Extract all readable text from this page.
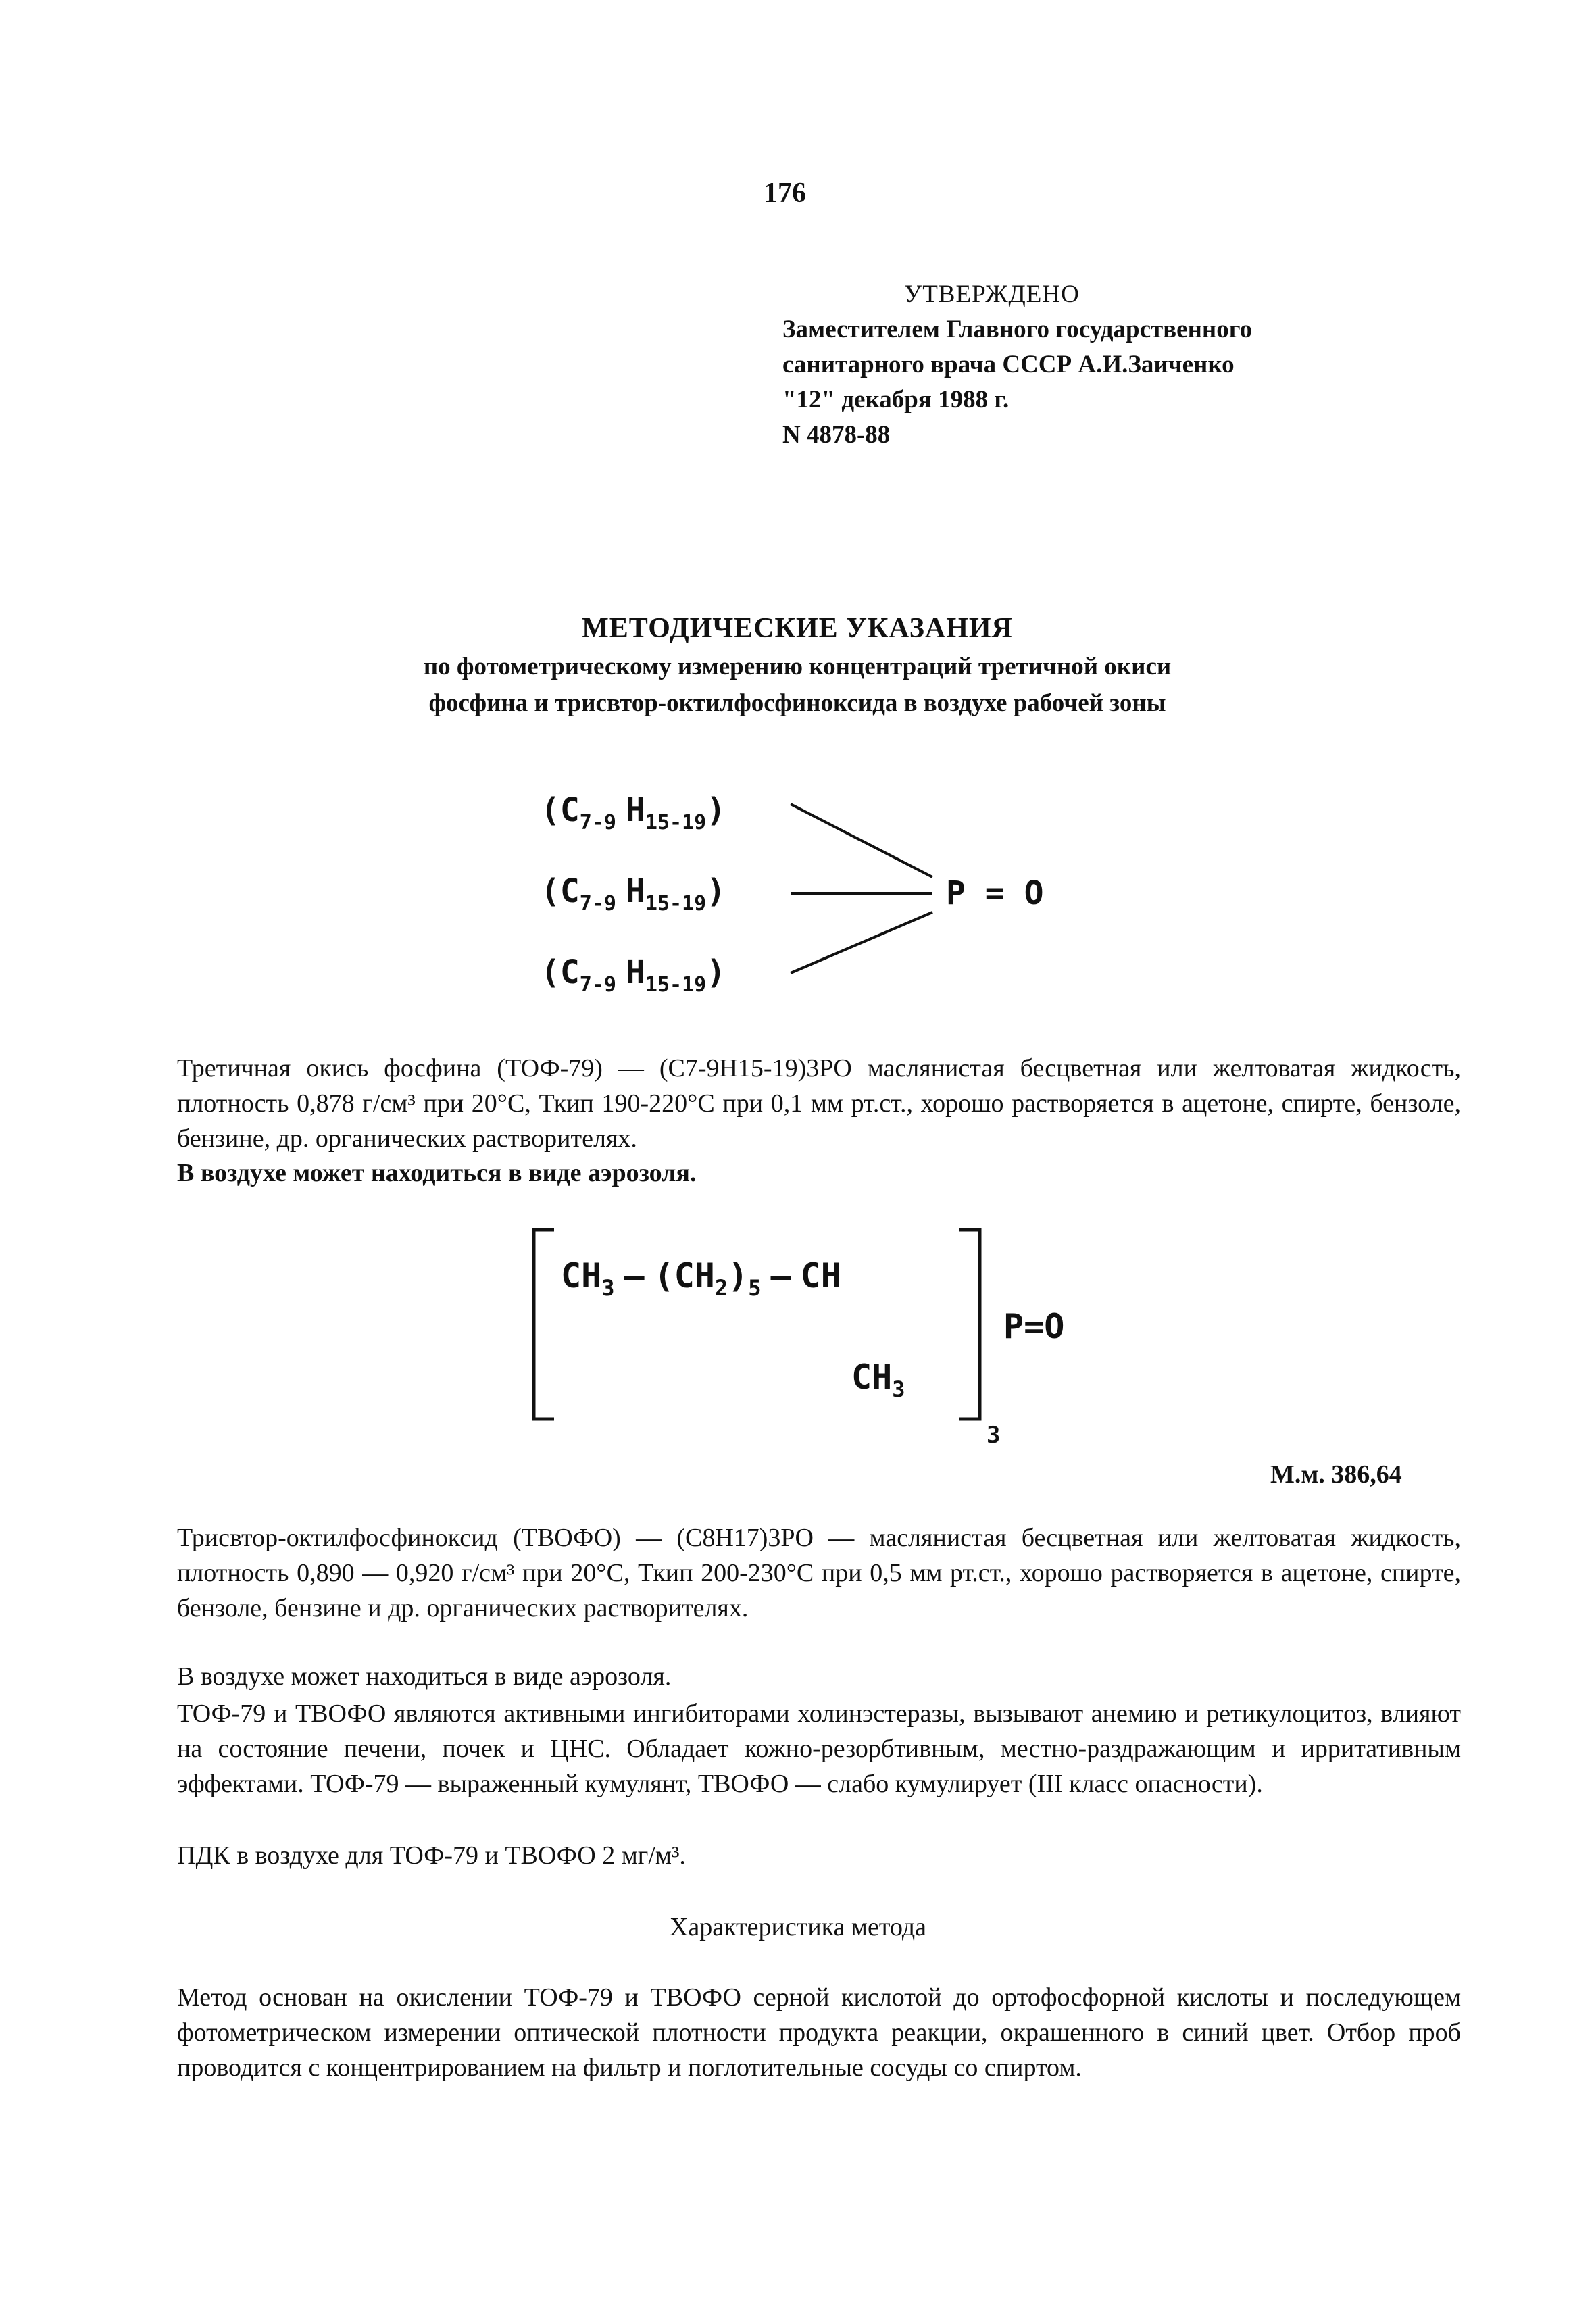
176
УТВЕРЖДЕНО
Заместителем Главного государственного
санитарного врача СССР А.И.Заиченко
"12" декабря 1988 г.
N 4878-88
МЕТОДИЧЕСКИЕ УКАЗАНИЯ
по фотометрическому измерению концентраций третичной окиси
фосфина и трисвтор-октилфосфиноксида в воздухе рабочей зоны
($C_{7-9}$ $H_{15-19}$)
($C_{7-9}$ $H_{15-19}$)
($C_{7-9}$ $H_{15-19}$)
P = O
Третичная окись фосфина (ТОФ-79) — (C7-9H15-19)3PO маслянистая бесцветная или желтоватая жидкость, плотность 0,878 г/см³ при 20°С, Ткип 190-220°С при 0,1 мм рт.ст., хорошо растворяется в ацетоне, спирте, бензоле, бензине, др. органических растворителях.
В воздухе может находиться в виде аэрозоля.
$CH_3$ — $(CH_2)_5$ — CH
$CH_3$
3
P=O
М.м. 386,64
Трисвтор-октилфосфиноксид (ТВОФО) — (C8H17)3PO — маслянистая бесцветная или желтоватая жидкость, плотность 0,890 — 0,920 г/см³ при 20°С, Ткип 200-230°С при 0,5 мм рт.ст., хорошо растворяется в ацетоне, спирте, бензоле, бензине и др. органических растворителях.
В воздухе может находиться в виде аэрозоля.
ТОФ-79 и ТВОФО являются активными ингибиторами холинэстеразы, вызывают анемию и ретикулоцитоз, влияют на состояние печени, почек и ЦНС. Обладает кожно-резорбтивным, местно-раздражающим и ирритативным эффектами. ТОФ-79 — выраженный кумулянт, ТВОФО — слабо кумулирует (III класс опасности).
ПДК в воздухе для ТОФ-79 и ТВОФО 2 мг/м³.
Характеристика метода
Метод основан на окислении ТОФ-79 и ТВОФО серной кислотой до ортофосфорной кислоты и последующем фотометрическом измерении оптической плотности продукта реакции, окрашенного в синий цвет. Отбор проб проводится с концентрированием на фильтр и поглотительные сосуды со спиртом.
